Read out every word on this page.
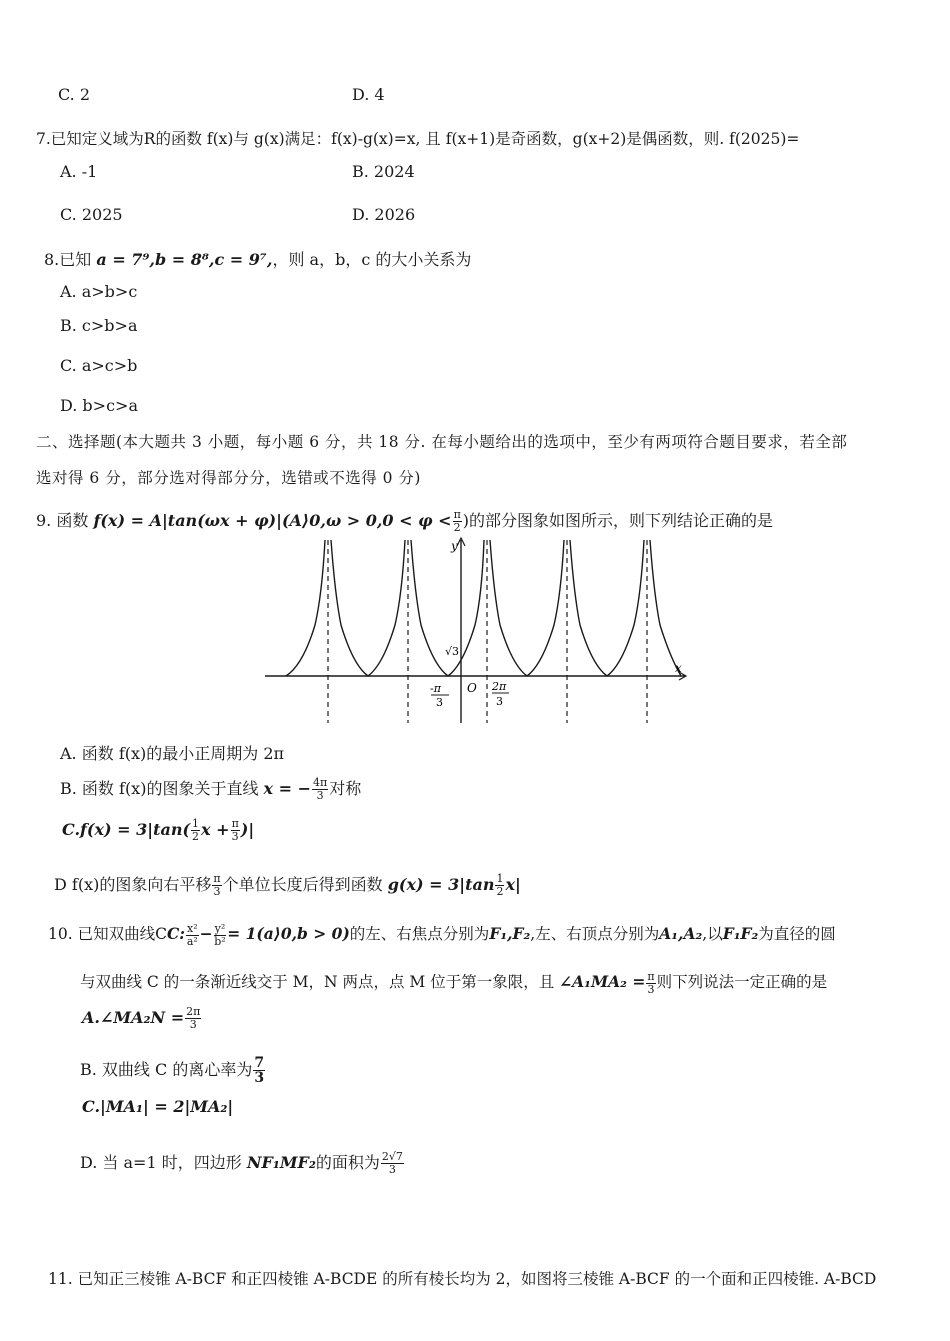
C. 2	D. 4
7.已知定义域为R的函数 f(x)与 g(x)满足：f(x)-g(x)=x, 且 f(x+1)是奇函数，g(x+2)是偶函数，则. f(2025)=
A. -1	B. 2024
C. 2025	D. 2026
8.已知 a = 7⁹,b = 8⁸,c = 9⁷,，则 a，b，c 的大小关系为
A. a>b>c
B. c>b>a
C. a>c>b
D. b>c>a
二、选择题(本大题共 3 小题，每小题 6 分，共 18 分. 在每小题给出的选项中，至少有两项符合题目要求，若全部
选对得 6 分，部分选对得部分分，选错或不选得 0 分)
9. 函数 f(x) = A|tan(ωx + φ)|(A⟩0,ω > $0,0 < \varphi < \frac{\pi}{2}$ )的部分图象如图所示，则下列结论正确的是
y
x
O
√3
-π
3
2π
3
A. 函数 f(x)的最小正周期为 2π
B. 函数 f(x)的图象关于直线 x = − $\frac{4\pi}{3}$ 对称
$C.f(x) = 3|\tan( \frac{1}{2}$ $x + \frac{\pi}{3}$ )|
D f(x)的图象向右平移 $\frac{\pi}{3}$ 个单位长度后得到函数 $g(x) = 3|\tan \frac{1}{2} x|$
10. 已知双曲线CC: $\frac{\text{x²}}{\text{a²}} - \frac{\text{y²}}{\text{b²}}$ = 1(a⟩0,b > 0)的左、右焦点分别为F₁,F₂,左、右顶点分别为A₁,A₂,以F₁F₂为直径的圆
与双曲线 C 的一条渐近线交于 M，N 两点，点 M 位于第一象限，且 ∠A₁MA₂ = $\frac{\pi}{3}$ 则下列说法一定正确的是
A.∠MA₂N = $\frac{2\pi}{3}$
B. 双曲线 C 的离心率为 $\frac{7}{3}$
C.|MA₁| = 2|MA₂|
D. 当 a=1 时，四边形 NF₁MF₂的面积为 $\frac{2√7}{3}$
11. 已知正三棱锥 A-BCF 和正四棱锥 A-BCDE 的所有棱长均为 2，如图将三棱锥 A-BCF 的一个面和正四棱锥. A-BCD
